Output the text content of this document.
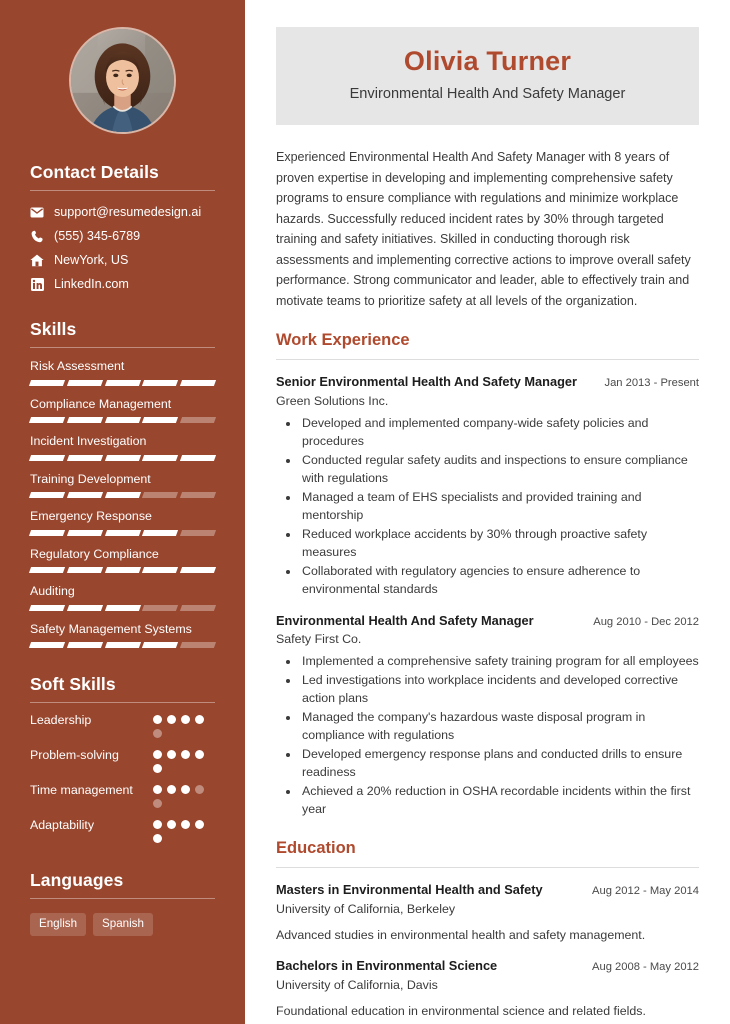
Contact Details
support@resumedesign.ai
(555) 345-6789
NewYork, US
LinkedIn.com
Skills
Risk Assessment
Compliance Management
Incident Investigation
Training Development
Emergency Response
Regulatory Compliance
Auditing
Safety Management Systems
Soft Skills
Leadership
Problem-solving
Time management
Adaptability
Languages
English	Spanish
Olivia Turner
Environmental Health And Safety Manager

Experienced Environmental Health And Safety Manager with 8 years of proven expertise in developing and implementing comprehensive safety programs to ensure compliance with regulations and minimize workplace hazards. Successfully reduced incident rates by 30% through targeted training and safety initiatives. Skilled in conducting thorough risk assessments and implementing corrective actions to improve overall safety performance. Strong communicator and leader, able to effectively train and motivate teams to prioritize safety at all levels of the organization.

Work Experience
Senior Environmental Health And Safety Manager Jan 2013 - Present
Green Solutions Inc.
• Developed and implemented company-wide safety policies and procedures
• Conducted regular safety audits and inspections to ensure compliance with regulations
• Managed a team of EHS specialists and provided training and mentorship
• Reduced workplace accidents by 30% through proactive safety measures
• Collaborated with regulatory agencies to ensure adherence to environmental standards
Environmental Health And Safety Manager	Aug 2010 - Dec 2012
Safety First Co.
• Implemented a comprehensive safety training program for all employees
• Led investigations into workplace incidents and developed corrective action plans
• Managed the company's hazardous waste disposal program in compliance with regulations
• Developed emergency response plans and conducted drills to ensure readiness
• Achieved a 20% reduction in OSHA recordable incidents within the first year
Education
Masters in Environmental Health and Safety	Aug 2012 - May 2014
University of California, Berkeley
Advanced studies in environmental health and safety management.
Bachelors in Environmental Science	Aug 2008 - May 2012
University of California, Davis
Foundational education in environmental science and related fields.
